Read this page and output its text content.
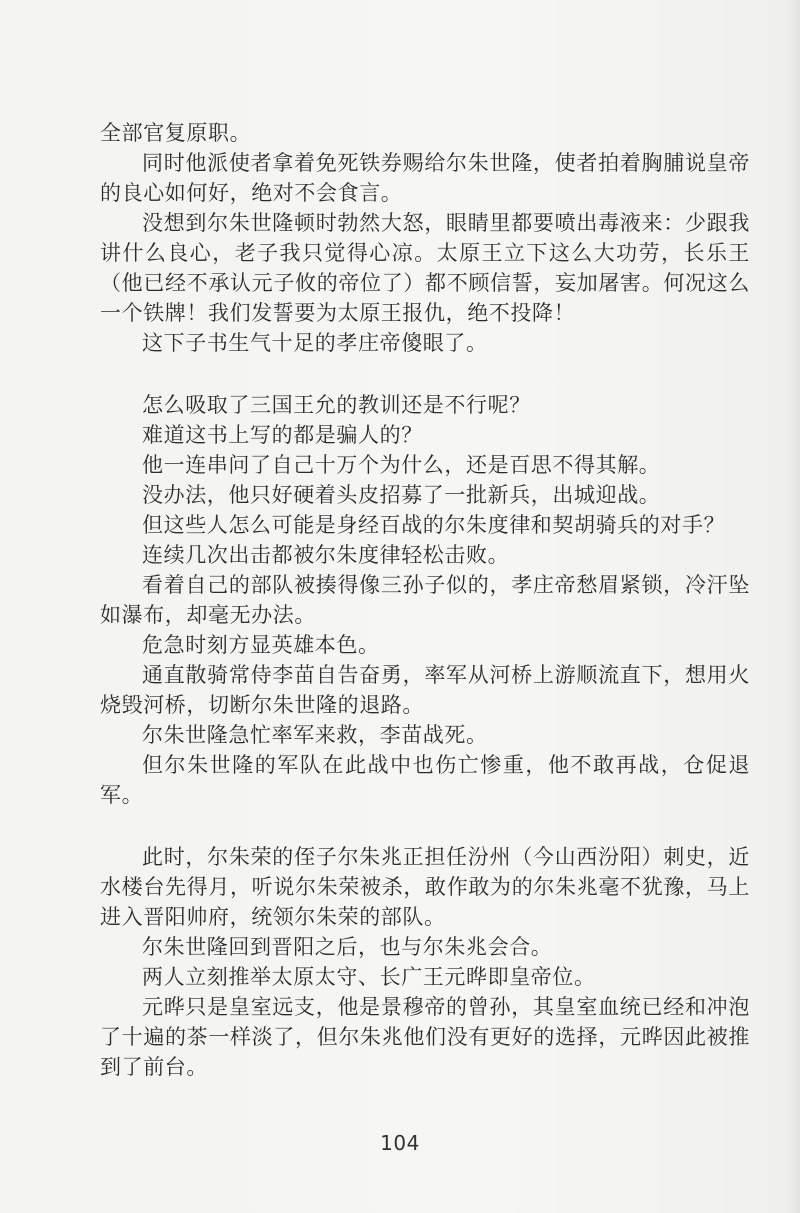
全部官复原职。

同时他派使者拿着免死铁券赐给尔朱世隆，使者拍着胸脯说皇帝的良心如何好，绝对不会食言。

没想到尔朱世隆顿时勃然大怒，眼睛里都要喷出毒液来：少跟我讲什么良心，老子我只觉得心凉。太原王立下这么大功劳，长乐王（他已经不承认元子攸的帝位了）都不顾信誓，妄加屠害。何况这么一个铁牌！我们发誓要为太原王报仇，绝不投降！

这下子书生气十足的孝庄帝傻眼了。

怎么吸取了三国王允的教训还是不行呢？

难道这书上写的都是骗人的？

他一连串问了自己十万个为什么，还是百思不得其解。

没办法，他只好硬着头皮招募了一批新兵，出城迎战。

但这些人怎么可能是身经百战的尔朱度律和契胡骑兵的对手？

连续几次出击都被尔朱度律轻松击败。

看着自己的部队被揍得像三孙子似的，孝庄帝愁眉紧锁，冷汗坠如瀑布，却毫无办法。

危急时刻方显英雄本色。

通直散骑常侍李苗自告奋勇，率军从河桥上游顺流直下，想用火烧毁河桥，切断尔朱世隆的退路。

尔朱世隆急忙率军来救，李苗战死。

但尔朱世隆的军队在此战中也伤亡惨重，他不敢再战，仓促退军。

此时，尔朱荣的侄子尔朱兆正担任汾州（今山西汾阳）刺史，近水楼台先得月，听说尔朱荣被杀，敢作敢为的尔朱兆毫不犹豫，马上进入晋阳帅府，统领尔朱荣的部队。

尔朱世隆回到晋阳之后，也与尔朱兆会合。

两人立刻推举太原太守、长广王元晔即皇帝位。

元晔只是皇室远支，他是景穆帝的曾孙，其皇室血统已经和冲泡了十遍的茶一样淡了，但尔朱兆他们没有更好的选择，元晔因此被推到了前台。

104
